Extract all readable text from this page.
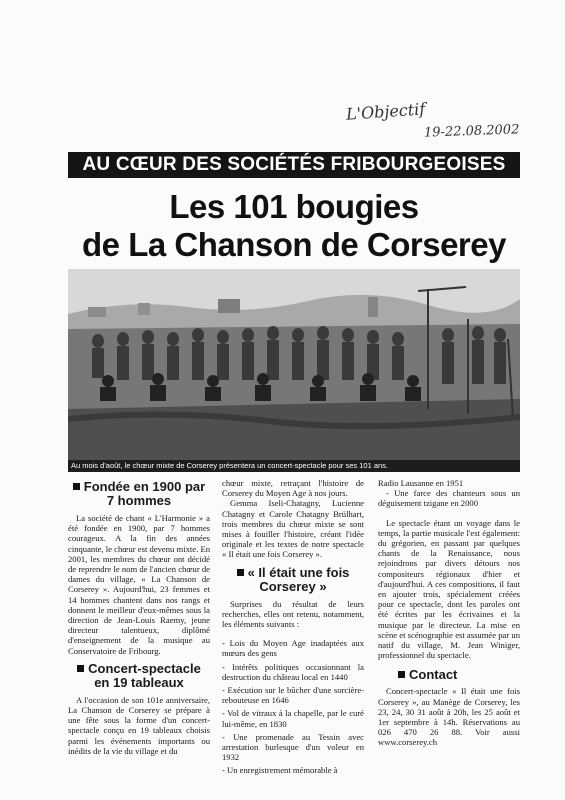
L'Objectif
19-22.08.2002
AU CŒUR DES SOCIÉTÉS FRIBOURGEOISES
Les 101 bougies
de La Chanson de Corserey
Au mois d'août, le chœur mixte de Corserey présentera un concert-spectacle pour ses 101 ans.
Fondée en 1900 par 7 hommes

La société de chant « L'Harmonie » a été fondée en 1900, par 7 hommes courageux. A la fin des années cinquante, le chœur est devenu mixte. En 2001, les membres du chœur ont décidé de reprendre le nom de l'ancien chœur de dames du village, « La Chanson de Corserey ». Aujourd'hui, 23 femmes et 14 hommes chantent dans nos rangs et donnent le meilleur d'eux-mêmes sous la direction de Jean-Louis Raemy, jeune directeur talentueux, diplômé d'enseignement de la musique au Conservatoire de Fribourg.

Concert-spectacle en 19 tableaux

A l'occasion de son 101e anniversaire, La Chanson de Corserey se prépare à une fête sous la forme d'un concert-spectacle conçu en 19 tableaux choisis parmi les événements importants ou inédits de la vie du village et du

chœur mixte, retraçant l'histoire de Corserey du Moyen Age à nos jours.

Gemma Iseli-Chatagny, Lucienne Chatagny et Carole Chatagny Brülhart, trois membres du chœur mixte se sont mises à fouiller l'histoire, créant l'idée originale et les textes de notre spectacle « Il était une fois Corserey ».

« Il était une fois Corserey »

Surprises du résultat de leurs recherches, elles ont retenu, notamment, les éléments suivants :

- Lois du Moyen Age inadaptées aux mœurs des gens

- Intérêts politiques occasionnant la destruction du château local en 1440

- Exécution sur le bûcher d'une sorcière-rebouteuse en 1646

- Vol de vitraux à la chapelle, par le curé lui-même, en 1830

- Une promenade au Tessin avec arrestation burlesque d'un voleur en 1932

- Un enregistrement mémorable à

Radio Lausanne en 1951

- Une farce des chanteurs sous un déguisement tzigane en 2000

Le spectacle étant un voyage dans le temps, la partie musicale l'est également: du grégorien, en passant par quelques chants de la Renaissance, nous rejoindrons par divers détours nos compositeurs régionaux d'hier et d'aujourd'hui. A ces compositions, il faut en ajouter trois, spécialement créées pour ce spectacle, dont les paroles ont été écrites par les écrivaines et la musique par le directeur. La mise en scène et scénographie est assumée par un natif du village, M. Jean Winiger, professionnel du spectacle.

Contact

Concert-spectacle « Il était une fois Corserey », au Manège de Corserey, les 23, 24, 30 31 août à 20h, les 25 août et 1er septembre à 14h. Réservations au 026 470 26 88. Voir aussi www.corserey.ch
